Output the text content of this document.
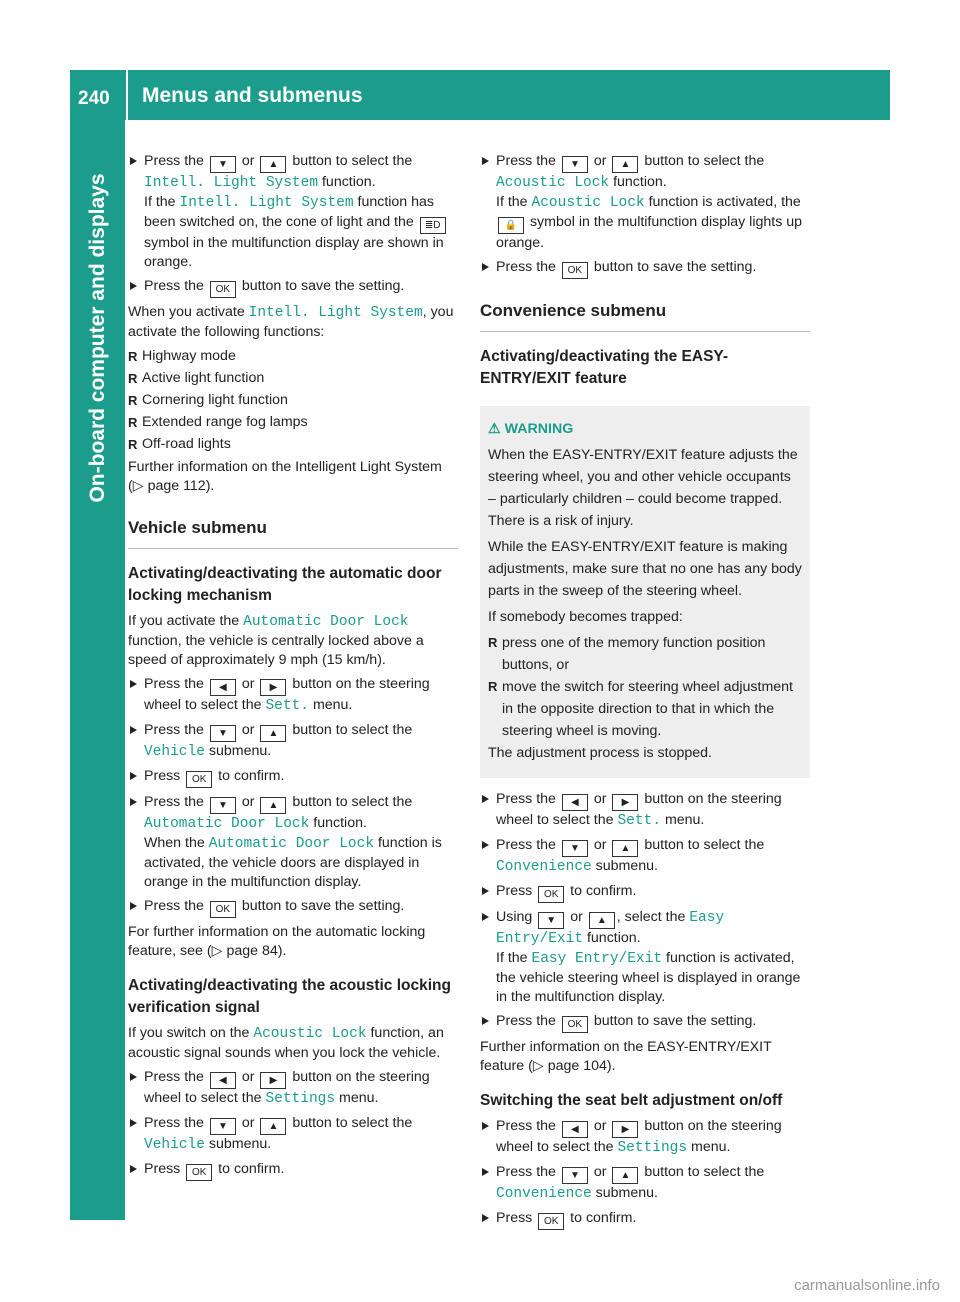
240	Menus and submenus
On-board computer and displays
Press the ▼ or ▲ button to select the Intell. Light System function.
If the Intell. Light System function has been switched on, the cone of light and the ≣D symbol in the multifunction display are shown in orange.
Press the OK button to save the setting.
When you activate Intell. Light System, you activate the following functions:
R Highway mode
R Active light function
R Cornering light function
R Extended range fog lamps
R Off-road lights
Further information on the Intelligent Light System (▷ page 112).
Vehicle submenu
Activating/deactivating the automatic door locking mechanism
If you activate the Automatic Door Lock function, the vehicle is centrally locked above a speed of approximately 9 mph (15 km/h).
Press the ◀ or ▶ button on the steering wheel to select the Sett. menu.
Press the ▼ or ▲ button to select the Vehicle submenu.
Press OK to confirm.
Press the ▼ or ▲ button to select the Automatic Door Lock function.
When the Automatic Door Lock function is activated, the vehicle doors are displayed in orange in the multifunction display.
Press the OK button to save the setting.
For further information on the automatic locking feature, see (▷ page 84).
Activating/deactivating the acoustic locking verification signal
If you switch on the Acoustic Lock function, an acoustic signal sounds when you lock the vehicle.
Press the ◀ or ▶ button on the steering wheel to select the Settings menu.
Press the ▼ or ▲ button to select the Vehicle submenu.
Press OK to confirm.
Press the ▼ or ▲ button to select the Acoustic Lock function.
If the Acoustic Lock function is activated, the 🔒 symbol in the multifunction display lights up orange.
Press the OK button to save the setting.
Convenience submenu
Activating/deactivating the EASY-ENTRY/EXIT feature
⚠ WARNING

When the EASY-ENTRY/EXIT feature adjusts the steering wheel, you and other vehicle occupants – particularly children – could become trapped. There is a risk of injury.

While the EASY-ENTRY/EXIT feature is making adjustments, make sure that no one has any body parts in the sweep of the steering wheel.

If somebody becomes trapped:

R press one of the memory function position buttons, or
R move the switch for steering wheel adjustment in the opposite direction to that in which the steering wheel is moving.

The adjustment process is stopped.

Press the ◀ or ▶ button on the steering wheel to select the Sett. menu.
Press the ▼ or ▲ button to select the Convenience submenu.
Press OK to confirm.
Using ▼ or ▲ , select the Easy Entry/Exit function.
If the Easy Entry/Exit function is activated, the vehicle steering wheel is displayed in orange in the multifunction display.
Press the OK button to save the setting.
Further information on the EASY-ENTRY/EXIT feature (▷ page 104).
Switching the seat belt adjustment on/off
Press the ◀ or ▶ button on the steering wheel to select the Settings menu.
Press the ▼ or ▲ button to select the Convenience submenu.
Press OK to confirm.
carmanualsonline.info
